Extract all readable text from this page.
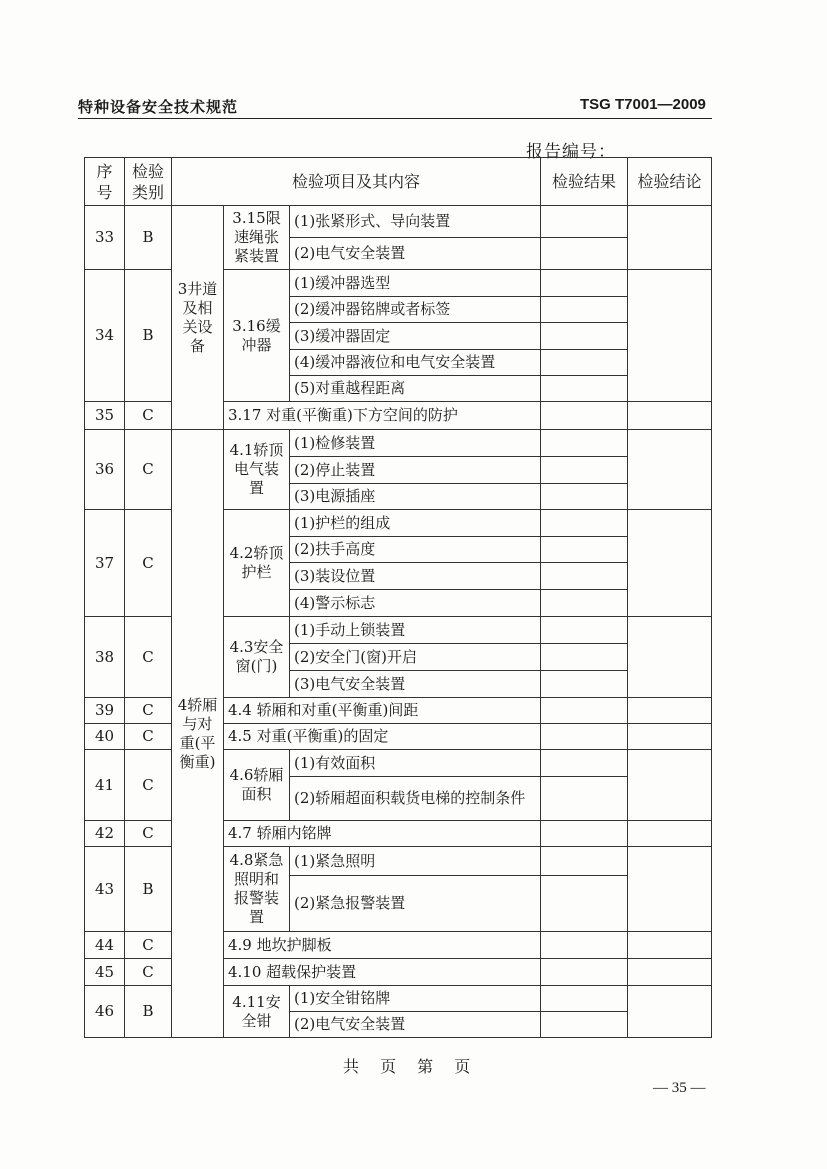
特种设备安全技术规范	TSG T7001—2009
报告编号：
序号	检验类别	检验项目及其内容			检验结果	检验结论
33	B	3井道及相关设备	3.15限速绳张紧装置	(1)张紧形式、导向装置		
				(2)电气安全装置		
34	B		3.16缓冲器	(1)缓冲器选型		
				(2)缓冲器铭牌或者标签		
				(3)缓冲器固定		
				(4)缓冲器液位和电气安全装置		
				(5)对重越程距离		
35	C		3.17 对重(平衡重)下方空间的防护			
36	C	4轿厢与对重(平衡重)	4.1轿顶电气装置	(1)检修装置		
				(2)停止装置		
				(3)电源插座		
37	C		4.2轿顶护栏	(1)护栏的组成		
				(2)扶手高度		
				(3)装设位置		
				(4)警示标志		
38	C		4.3安全窗(门)	(1)手动上锁装置		
				(2)安全门(窗)开启		
				(3)电气安全装置		
39	C		4.4 轿厢和对重(平衡重)间距			
40	C		4.5 对重(平衡重)的固定			
41	C		4.6轿厢面积	(1)有效面积		
				(2)轿厢超面积载货电梯的控制条件		
42	C		4.7 轿厢内铭牌			
43	B		4.8紧急照明和报警装置	(1)紧急照明		
				(2)紧急报警装置		
44	C		4.9 地坎护脚板			
45	C		4.10 超载保护装置			
46	B		4.11安全钳	(1)安全钳铭牌		
				(2)电气安全装置		
共 页 第 页
— 35 —
